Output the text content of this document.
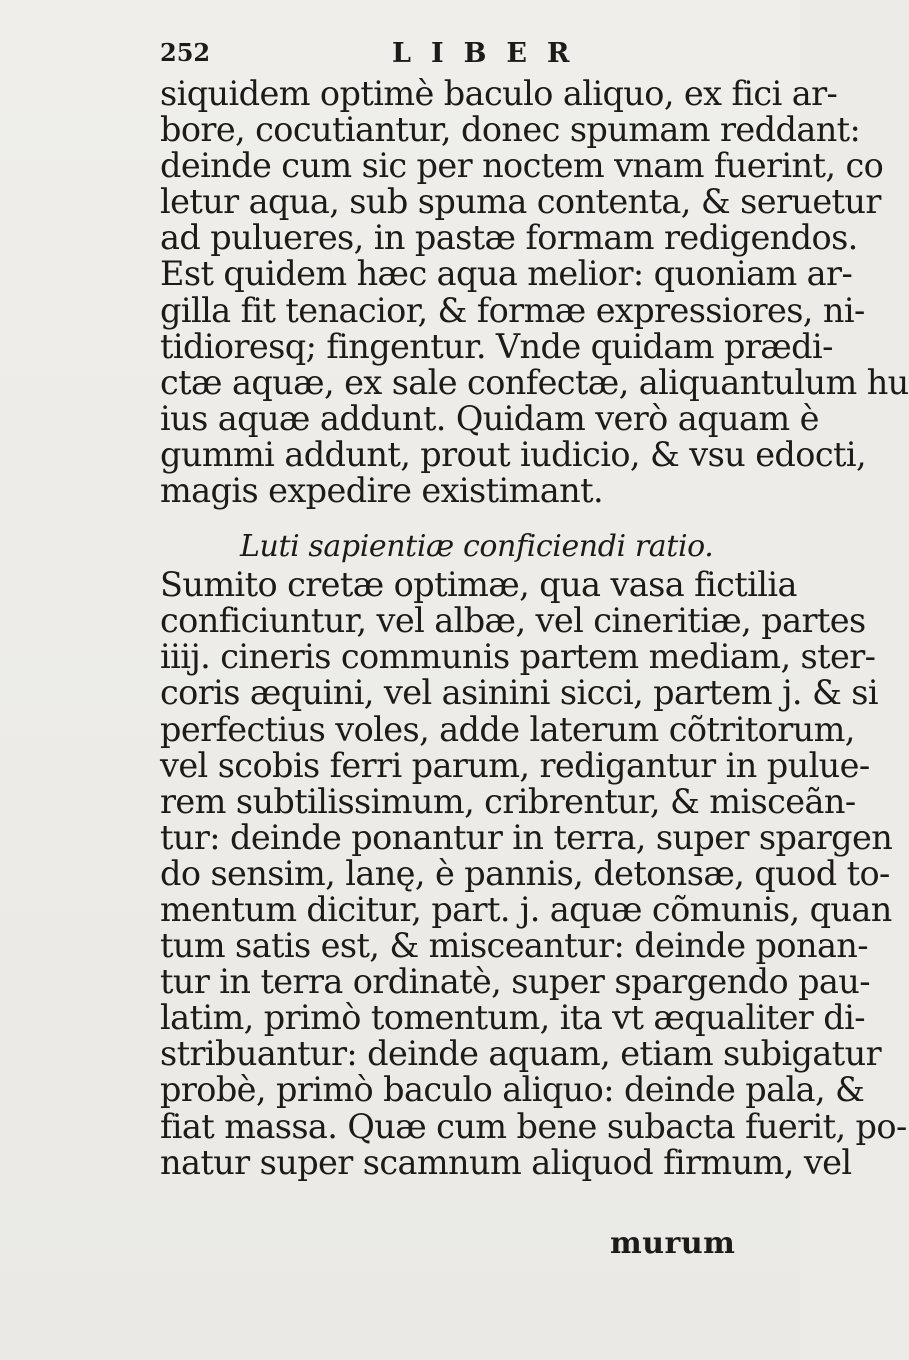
252	LIBER
siquidem optimè baculo aliquo, ex fici ar-
bore, cocutiantur, donec spumam reddant:
deinde cum sic per noctem vnam fuerint, co
letur aqua, sub spuma contenta, & seruetur
ad pulueres, in pastæ formam redigendos.
Est quidem hæc aqua melior: quoniam ar-
gilla fit tenacior, & formæ expressiores, ni-
tidioresq; fingentur. Vnde quidam prædi-
ctæ aquæ, ex sale confectæ, aliquantulum hu
ius aquæ addunt. Quidam verò aquam è
gummi addunt, prout iudicio, & vsu edocti,
magis expedire existimant.
Luti sapientiæ conficiendi ratio.
Sumito cretæ optimæ, qua vasa fictilia
conficiuntur, vel albæ, vel cineritiæ, partes
iiij. cineris communis partem mediam, ster-
coris æquini, vel asinini sicci, partem j. & si
perfectius voles, adde laterum cõtritorum,
vel scobis ferri parum, redigantur in pulue-
rem subtilissimum, cribrentur, & misceãn-
tur: deinde ponantur in terra, super spargen
do sensim, lanę, è pannis, detonsæ, quod to-
mentum dicitur, part. j. aquæ cõmunis, quan
tum satis est, & misceantur: deinde ponan-
tur in terra ordinatè, super spargendo pau-
latim, primò tomentum, ita vt æqualiter di-
stribuantur: deinde aquam, etiam subigatur
probè, primò baculo aliquo: deinde pala, &
fiat massa. Quæ cum bene subacta fuerit, po-
natur super scamnum aliquod firmum, vel
murum
